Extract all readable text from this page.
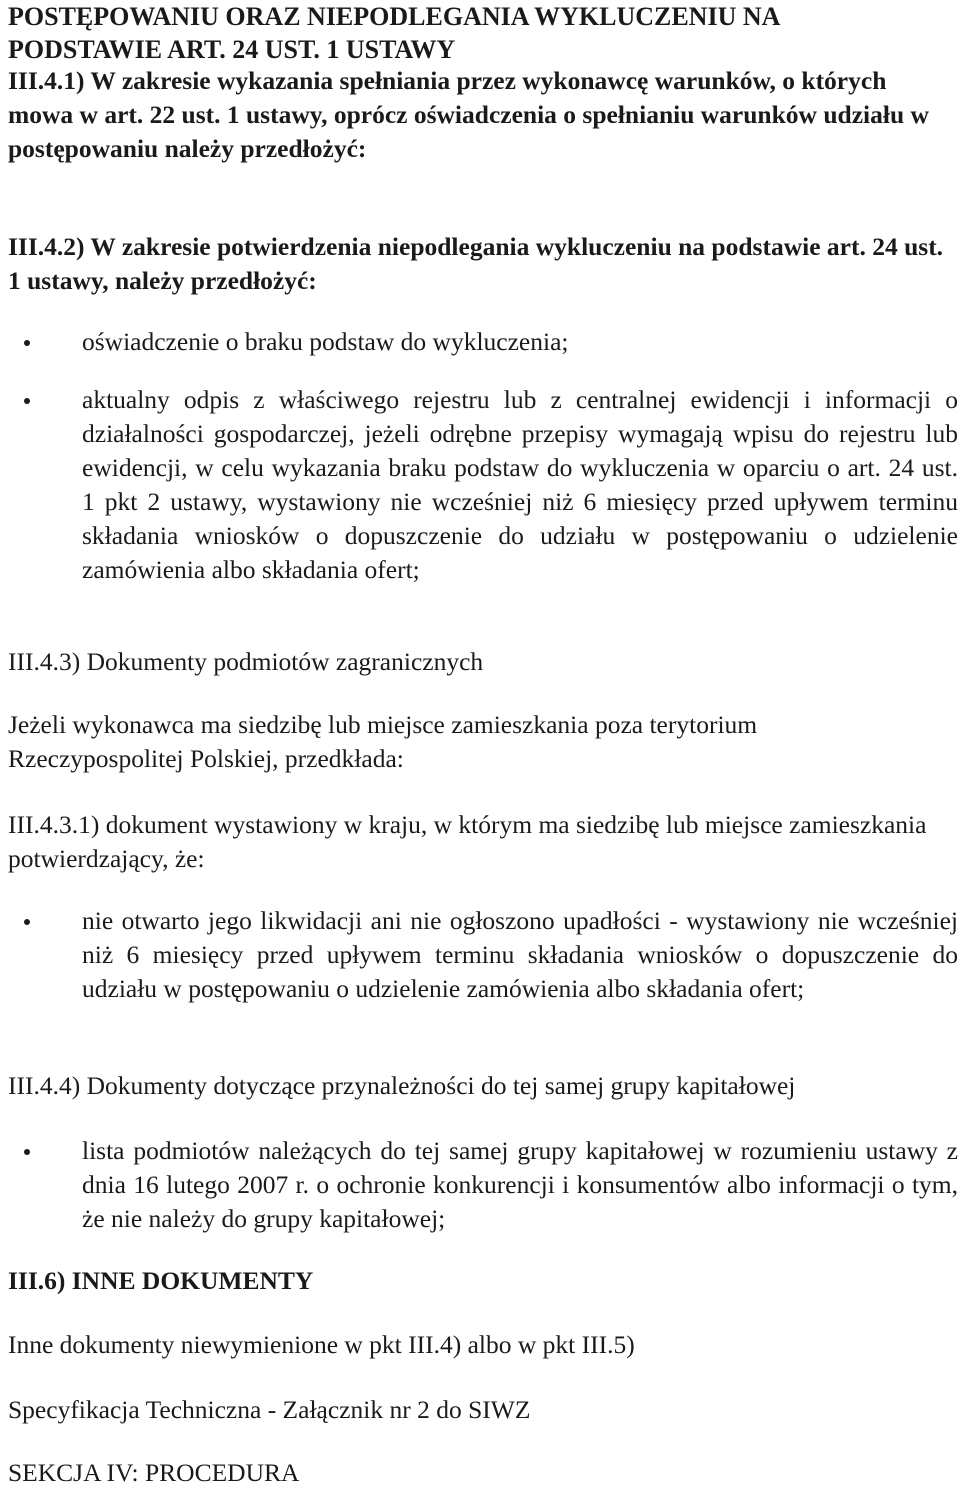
POSTĘPOWANIU ORAZ NIEPODLEGANIA WYKLUCZENIU NA PODSTAWIE ART. 24 UST. 1 USTAWY
III.4.1) W zakresie wykazania spełniania przez wykonawcę warunków, o których mowa w art. 22 ust. 1 ustawy, oprócz oświadczenia o spełnianiu warunków udziału w postępowaniu należy przedłożyć:
III.4.2) W zakresie potwierdzenia niepodlegania wykluczeniu na podstawie art. 24 ust. 1 ustawy, należy przedłożyć:
oświadczenie o braku podstaw do wykluczenia;
aktualny odpis z właściwego rejestru lub z centralnej ewidencji i informacji o działalności gospodarczej, jeżeli odrębne przepisy wymagają wpisu do rejestru lub ewidencji, w celu wykazania braku podstaw do wykluczenia w oparciu o art. 24 ust. 1 pkt 2 ustawy, wystawiony nie wcześniej niż 6 miesięcy przed upływem terminu składania wniosków o dopuszczenie do udziału w postępowaniu o udzielenie zamówienia albo składania ofert;

III.4.3) Dokumenty podmiotów zagranicznych

Jeżeli wykonawca ma siedzibę lub miejsce zamieszkania poza terytorium Rzeczypospolitej Polskiej, przedkłada:

III.4.3.1) dokument wystawiony w kraju, w którym ma siedzibę lub miejsce zamieszkania potwierdzający, że:

nie otwarto jego likwidacji ani nie ogłoszono upadłości - wystawiony nie wcześniej niż 6 miesięcy przed upływem terminu składania wniosków o dopuszczenie do udziału w postępowaniu o udzielenie zamówienia albo składania ofert;

III.4.4) Dokumenty dotyczące przynależności do tej samej grupy kapitałowej

lista podmiotów należących do tej samej grupy kapitałowej w rozumieniu ustawy z dnia 16 lutego 2007 r. o ochronie konkurencji i konsumentów albo informacji o tym, że nie należy do grupy kapitałowej;

III.6) INNE DOKUMENTY

Inne dokumenty niewymienione w pkt III.4) albo w pkt III.5)

Specyfikacja Techniczna - Załącznik nr 2 do SIWZ

SEKCJA IV: PROCEDURA
